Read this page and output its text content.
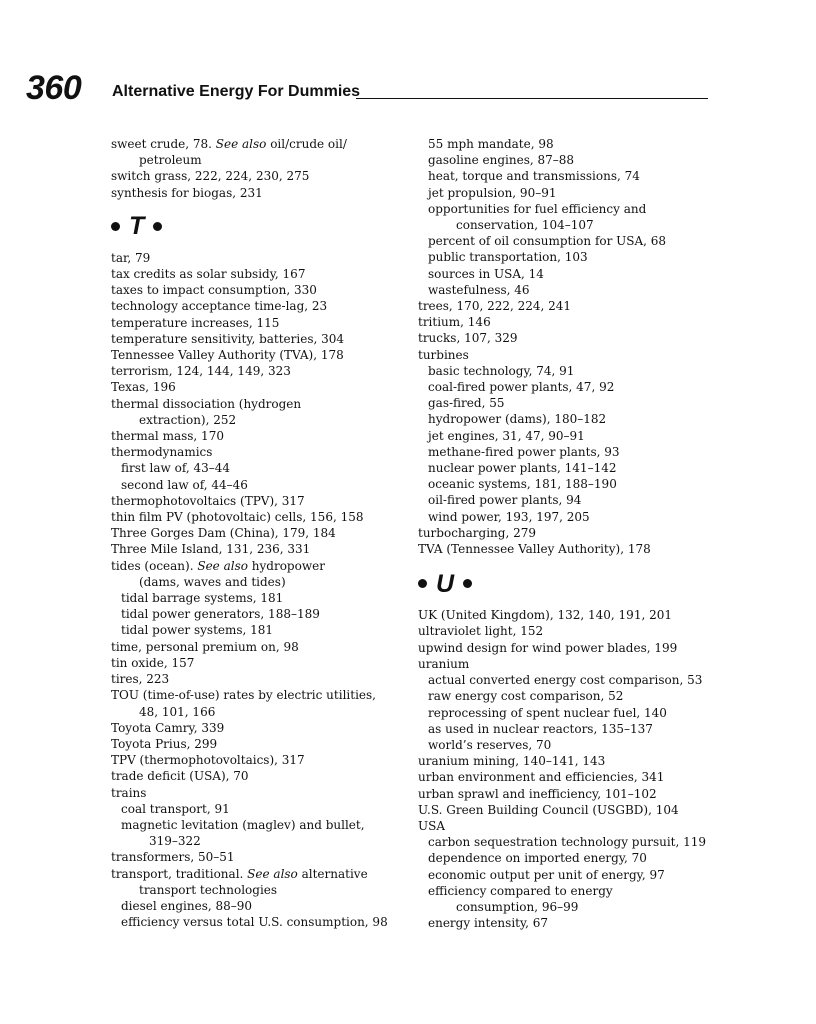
360 Alternative Energy For Dummies
sweet crude, 78. See also oil/crude oil/
petroleum
switch grass, 222, 224, 230, 275
synthesis for biogas, 231
T
tar, 79
tax credits as solar subsidy, 167
taxes to impact consumption, 330
technology acceptance time-lag, 23
temperature increases, 115
temperature sensitivity, batteries, 304
Tennessee Valley Authority (TVA), 178
terrorism, 124, 144, 149, 323
Texas, 196
thermal dissociation (hydrogen
extraction), 252
thermal mass, 170
thermodynamics
first law of, 43–44
second law of, 44–46
thermophotovoltaics (TPV), 317
thin film PV (photovoltaic) cells, 156, 158
Three Gorges Dam (China), 179, 184
Three Mile Island, 131, 236, 331
tides (ocean). See also hydropower
(dams, waves and tides)
tidal barrage systems, 181
tidal power generators, 188–189
tidal power systems, 181
time, personal premium on, 98
tin oxide, 157
tires, 223
TOU (time-of-use) rates by electric utilities,
48, 101, 166
Toyota Camry, 339
Toyota Prius, 299
TPV (thermophotovoltaics), 317
trade deficit (USA), 70
trains
coal transport, 91
magnetic levitation (maglev) and bullet,
319–322
transformers, 50–51
transport, traditional. See also alternative
transport technologies
diesel engines, 88–90
efficiency versus total U.S. consumption, 98
55 mph mandate, 98
gasoline engines, 87–88
heat, torque and transmissions, 74
jet propulsion, 90–91
opportunities for fuel efficiency and
conservation, 104–107
percent of oil consumption for USA, 68
public transportation, 103
sources in USA, 14
wastefulness, 46
trees, 170, 222, 224, 241
tritium, 146
trucks, 107, 329
turbines
basic technology, 74, 91
coal-fired power plants, 47, 92
gas-fired, 55
hydropower (dams), 180–182
jet engines, 31, 47, 90–91
methane-fired power plants, 93
nuclear power plants, 141–142
oceanic systems, 181, 188–190
oil-fired power plants, 94
wind power, 193, 197, 205
turbocharging, 279
TVA (Tennessee Valley Authority), 178
U
UK (United Kingdom), 132, 140, 191, 201
ultraviolet light, 152
upwind design for wind power blades, 199
uranium
actual converted energy cost comparison, 53
raw energy cost comparison, 52
reprocessing of spent nuclear fuel, 140
as used in nuclear reactors, 135–137
world’s reserves, 70
uranium mining, 140–141, 143
urban environment and efficiencies, 341
urban sprawl and inefficiency, 101–102
U.S. Green Building Council (USGBD), 104
USA
carbon sequestration technology pursuit, 119
dependence on imported energy, 70
economic output per unit of energy, 97
efficiency compared to energy
consumption, 96–99
energy intensity, 67
